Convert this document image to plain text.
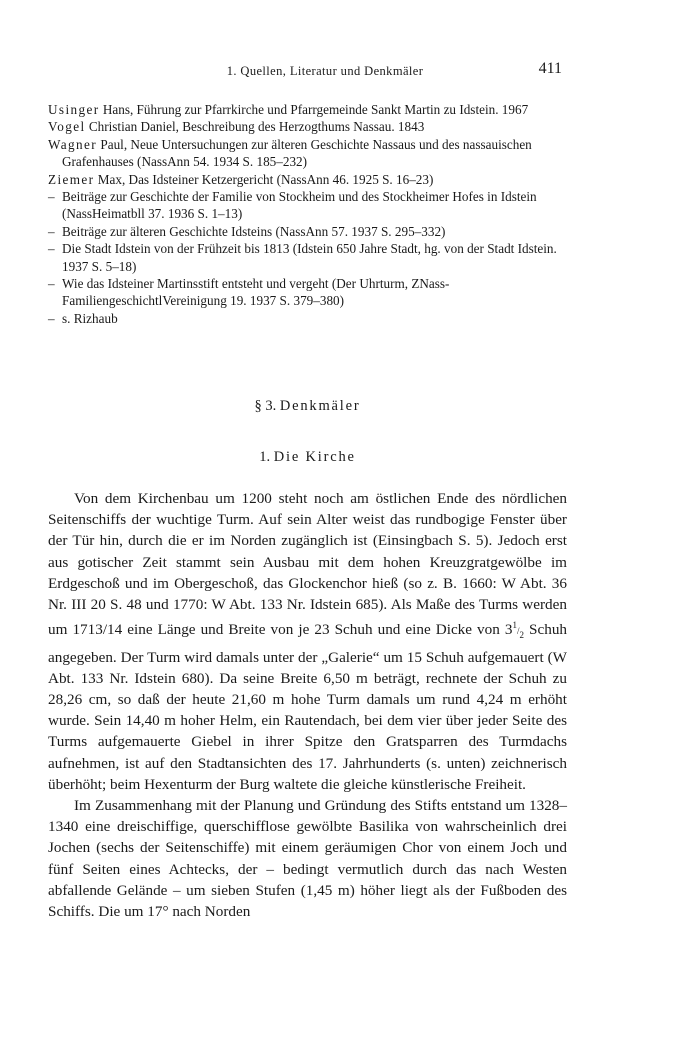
1. Quellen, Literatur und Denkmäler	411

Usinger Hans, Führung zur Pfarrkirche und Pfarrgemeinde Sankt Martin zu Idstein. 1967

Vogel Christian Daniel, Beschreibung des Herzogthums Nassau. 1843

Wagner Paul, Neue Untersuchungen zur älteren Geschichte Nassaus und des nassauischen Grafenhauses (NassAnn 54. 1934 S. 185–232)

Ziemer Max, Das Idsteiner Ketzergericht (NassAnn 46. 1925 S. 16–23)

– Beiträge zur Geschichte der Familie von Stockheim und des Stockheimer Hofes in Idstein (NassHeimatbll 37. 1936 S. 1–13)

– Beiträge zur älteren Geschichte Idsteins (NassAnn 57. 1937 S. 295–332)

– Die Stadt Idstein von der Frühzeit bis 1813 (Idstein 650 Jahre Stadt, hg. von der Stadt Idstein. 1937 S. 5–18)

– Wie das Idsteiner Martinsstift entsteht und vergeht (Der Uhrturm, ZNass-FamiliengeschichtlVereinigung 19. 1937 S. 379–380)

– s. Rizhaub

§ 3. Denkmäler
1. Die Kirche

Von dem Kirchenbau um 1200 steht noch am östlichen Ende des nördlichen Seitenschiffs der wuchtige Turm. Auf sein Alter weist das rundbogige Fenster über der Tür hin, durch die er im Norden zugänglich ist (Einsingbach S. 5). Jedoch erst aus gotischer Zeit stammt sein Ausbau mit dem hohen Kreuzgratgewölbe im Erdgeschoß und im Obergeschoß, das Glockenchor hieß (so z. B. 1660: W Abt. 36 Nr. III 20 S. 48 und 1770: W Abt. 133 Nr. Idstein 685). Als Maße des Turms werden um 1713/14 eine Länge und Breite von je 23 Schuh und eine Dicke von $3^1/_2$ Schuh angegeben. Der Turm wird damals unter der „Galerie“ um 15 Schuh aufgemauert (W Abt. 133 Nr. Idstein 680). Da seine Breite 6,50 m beträgt, rechnete der Schuh zu 28,26 cm, so daß der heute 21,60 m hohe Turm damals um rund 4,24 m erhöht wurde. Sein 14,40 m hoher Helm, ein Rautendach, bei dem vier über jeder Seite des Turms aufgemauerte Giebel in ihrer Spitze den Gratsparren des Turmdachs aufnehmen, ist auf den Stadtansichten des 17. Jahrhunderts (s. unten) zeichnerisch überhöht; beim Hexenturm der Burg waltete die gleiche künstlerische Freiheit.

Im Zusammenhang mit der Planung und Gründung des Stifts entstand um 1328–1340 eine dreischiffige, querschifflose gewölbte Basilika von wahrscheinlich drei Jochen (sechs der Seitenschiffe) mit einem geräumigen Chor von einem Joch und fünf Seiten eines Achtecks, der – bedingt vermutlich durch das nach Westen abfallende Gelände – um sieben Stufen (1,45 m) höher liegt als der Fußboden des Schiffs. Die um 17° nach Norden
